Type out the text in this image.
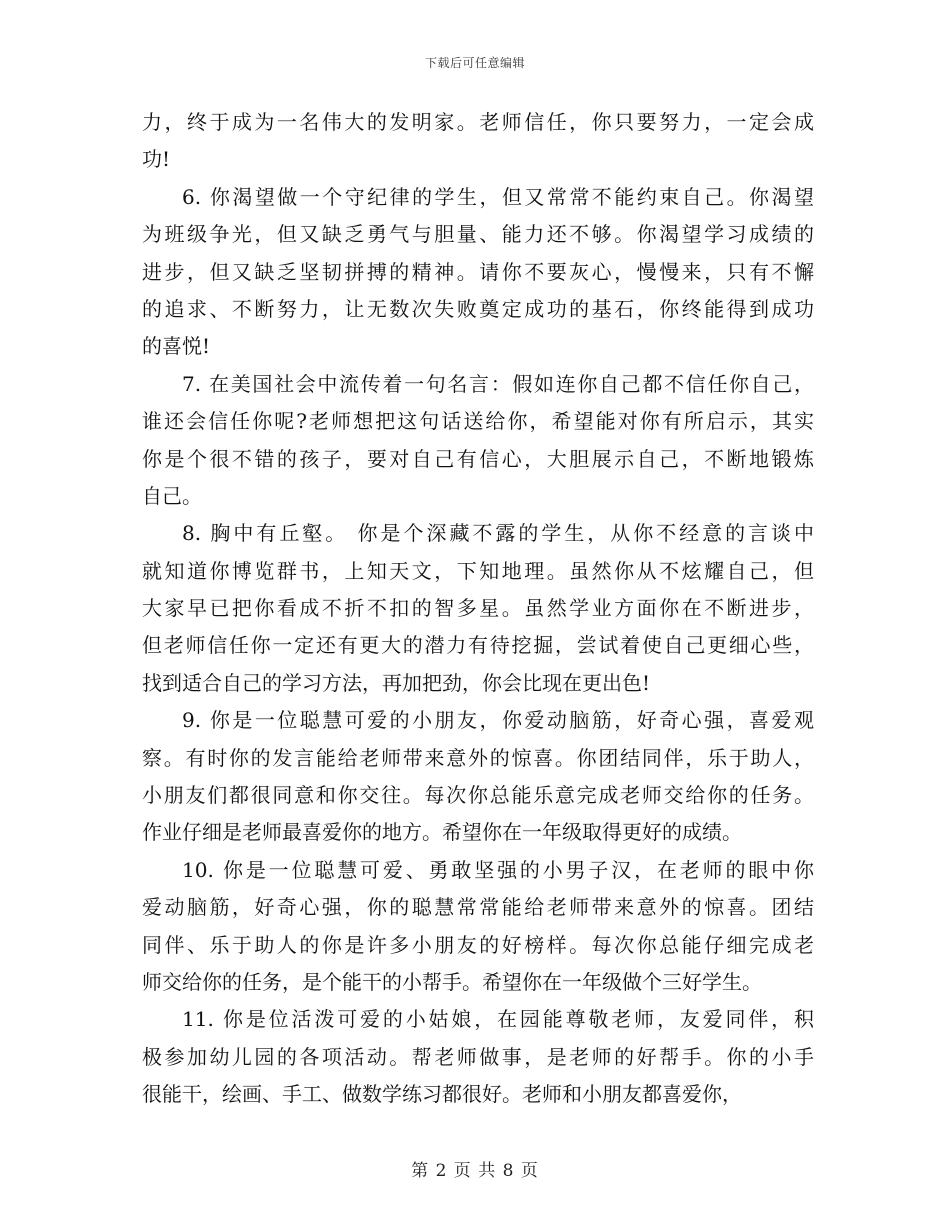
下载后可任意编辑
力，终于成为一名伟大的发明家。老师信任，你只要努力，一定会成
功!
6. 你渴望做一个守纪律的学生，但又常常不能约束自己。你渴望
为班级争光，但又缺乏勇气与胆量、能力还不够。你渴望学习成绩的
进步，但又缺乏坚韧拼搏的精神。请你不要灰心，慢慢来，只有不懈
的追求、不断努力，让无数次失败奠定成功的基石，你终能得到成功
的喜悦!
7. 在美国社会中流传着一句名言：假如连你自己都不信任你自己，
谁还会信任你呢?老师想把这句话送给你，希望能对你有所启示，其实
你是个很不错的孩子，要对自己有信心，大胆展示自己，不断地锻炼
自己。
8. 胸中有丘壑。 你是个深藏不露的学生，从你不经意的言谈中
就知道你博览群书，上知天文，下知地理。虽然你从不炫耀自己，但
大家早已把你看成不折不扣的智多星。虽然学业方面你在不断进步，
但老师信任你一定还有更大的潜力有待挖掘，尝试着使自己更细心些，
找到适合自己的学习方法，再加把劲，你会比现在更出色!
9. 你是一位聪慧可爱的小朋友，你爱动脑筋，好奇心强，喜爱观
察。有时你的发言能给老师带来意外的惊喜。你团结同伴，乐于助人，
小朋友们都很同意和你交往。每次你总能乐意完成老师交给你的任务。
作业仔细是老师最喜爱你的地方。希望你在一年级取得更好的成绩。
10. 你是一位聪慧可爱、勇敢坚强的小男子汉，在老师的眼中你
爱动脑筋，好奇心强，你的聪慧常常能给老师带来意外的惊喜。团结
同伴、乐于助人的你是许多小朋友的好榜样。每次你总能仔细完成老
师交给你的任务，是个能干的小帮手。希望你在一年级做个三好学生。
11. 你是位活泼可爱的小姑娘，在园能尊敬老师，友爱同伴，积
极参加幼儿园的各项活动。帮老师做事，是老师的好帮手。你的小手
很能干，绘画、手工、做数学练习都很好。老师和小朋友都喜爱你，
第 2 页 共 8 页
